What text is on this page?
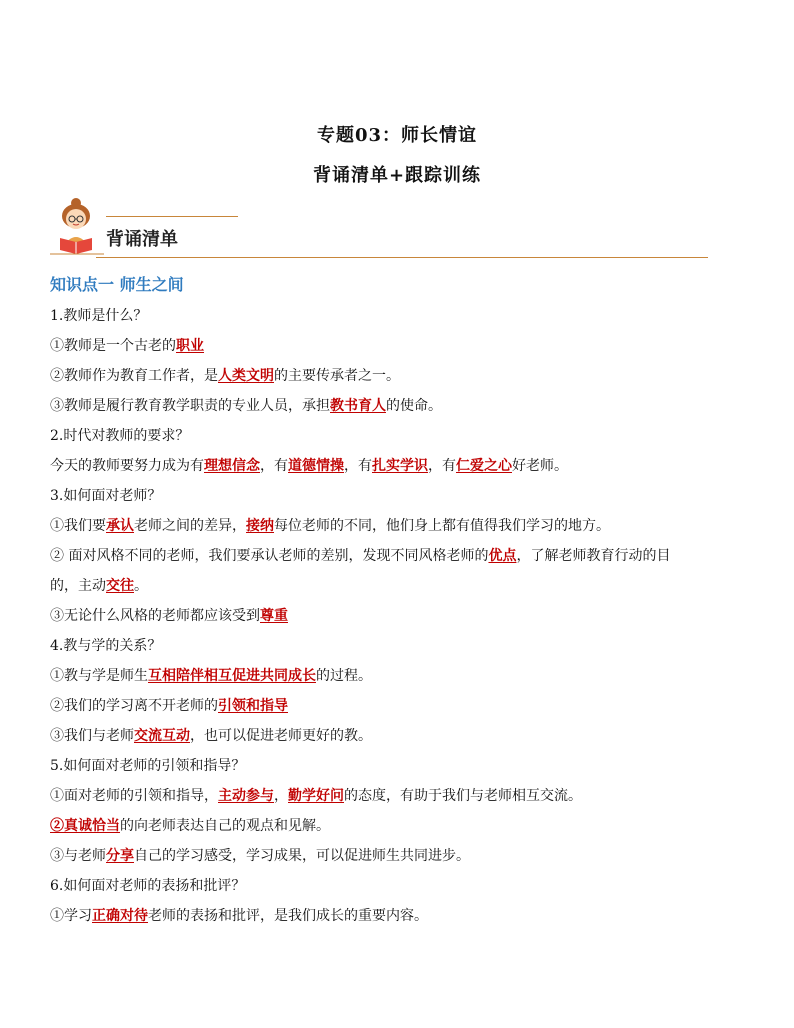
专题03：师长情谊
背诵清单+跟踪训练
背诵清单
知识点一 师生之间
1.教师是什么？
①教师是一个古老的职业
②教师作为教育工作者，是人类文明的主要传承者之一。
③教师是履行教育教学职责的专业人员，承担教书育人的使命。
2.时代对教师的要求？
今天的教师要努力成为有理想信念，有道德情操，有扎实学识，有仁爱之心好老师。
3.如何面对老师？
①我们要承认老师之间的差异，接纳每位老师的不同，他们身上都有值得我们学习的地方。
② 面对风格不同的老师，我们要承认老师的差别，发现不同风格老师的优点，了解老师教育行动的目
的，主动交往。
③无论什么风格的老师都应该受到尊重
4.教与学的关系？
①教与学是师生互相陪伴相互促进共同成长的过程。
②我们的学习离不开老师的引领和指导
③我们与老师交流互动，也可以促进老师更好的教。
5.如何面对老师的引领和指导？
①面对老师的引领和指导，主动参与，勤学好问的态度，有助于我们与老师相互交流。
②真诚恰当的向老师表达自己的观点和见解。
③与老师分享自己的学习感受，学习成果，可以促进师生共同进步。
6.如何面对老师的表扬和批评？
①学习正确对待老师的表扬和批评，是我们成长的重要内容。
